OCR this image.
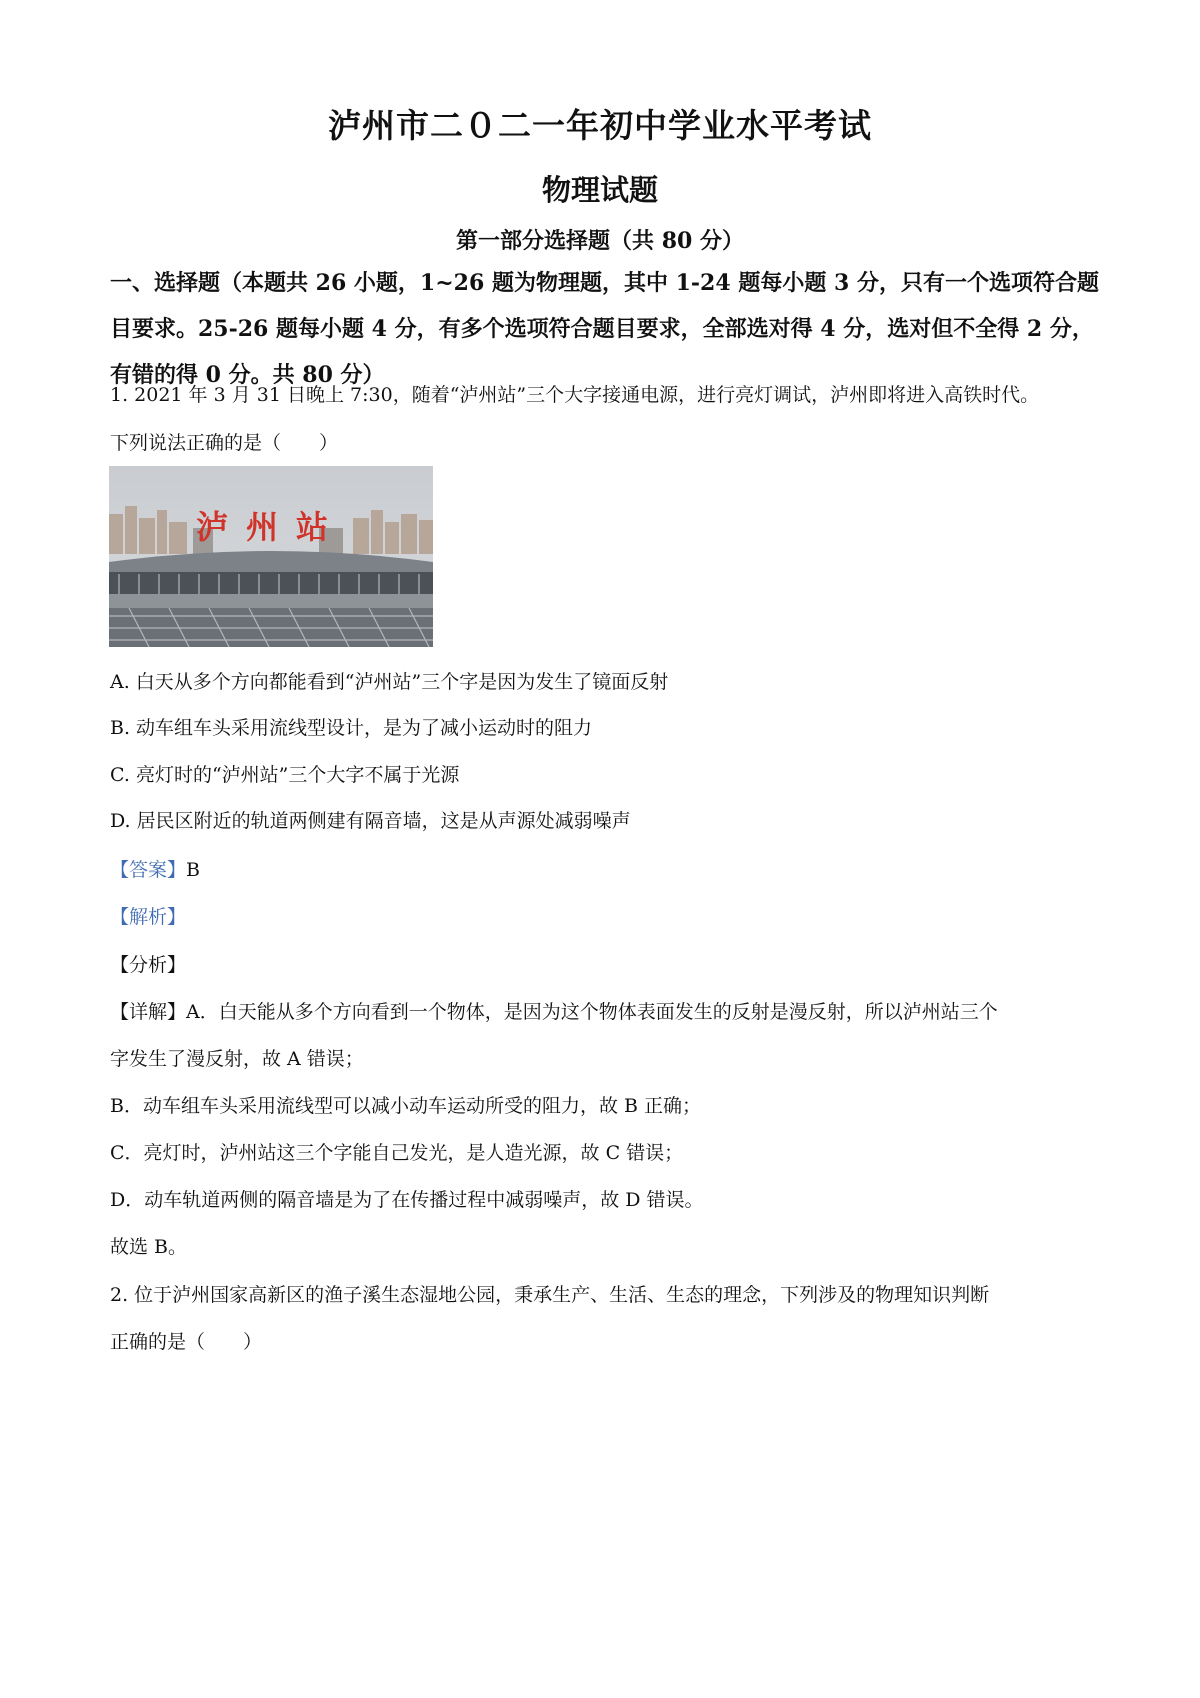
泸州市二０二一年初中学业水平考试
物理试题
第一部分选择题（共 80 分）

一、选择题（本题共 26 小题，1~26 题为物理题，其中 1-24 题每小题 3 分，只有一个选项符合题目要求。25-26 题每小题 4 分，有多个选项符合题目要求，全部选对得 4 分，选对但不全得 2 分，有错的得 0 分。共 80 分）

1. 2021 年 3 月 31 日晚上 7:30，随着“泸州站”三个大字接通电源，进行亮灯调试，泸州即将进入高铁时代。

下列说法正确的是（　　）

泸州站

A. 白天从多个方向都能看到“泸州站”三个字是因为发生了镜面反射

B. 动车组车头采用流线型设计，是为了减小运动时的阻力

C. 亮灯时的“泸州站”三个大字不属于光源

D. 居民区附近的轨道两侧建有隔音墙，这是从声源处减弱噪声

【答案】B

【解析】

【分析】

【详解】A．白天能从多个方向看到一个物体，是因为这个物体表面发生的反射是漫反射，所以泸州站三个

字发生了漫反射，故 A 错误；

B．动车组车头采用流线型可以减小动车运动所受的阻力，故 B 正确；

C．亮灯时，泸州站这三个字能自己发光，是人造光源，故 C 错误；

D．动车轨道两侧的隔音墙是为了在传播过程中减弱噪声，故 D 错误。

故选 B。

2. 位于泸州国家高新区的渔子溪生态湿地公园，秉承生产、生活、生态的理念，下列涉及的物理知识判断

正确的是（　　）
